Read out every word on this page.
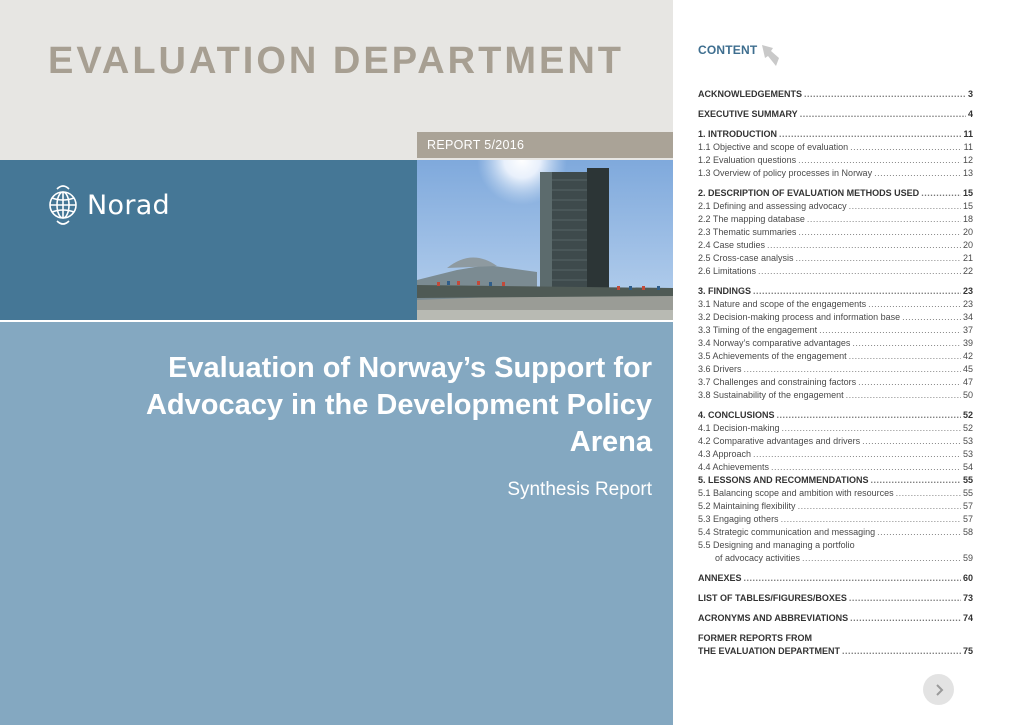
EVALUATION DEPARTMENT
REPORT 5/2016
Norad
Evaluation of Norway’s Support for Advocacy in the Development Policy Arena
Synthesis Report
CONTENT
ACKNOWLEDGEMENTS .....	3
EXECUTIVE SUMMARY .....	4
1. INTRODUCTION .....	11
1.1 Objective and scope of evaluation .....	11
1.2 Evaluation questions .....	12
1.3 Overview of policy processes in Norway .....	13
2. DESCRIPTION OF EVALUATION METHODS USED .....	15
2.1 Defining and assessing advocacy .....	15
2.2 The mapping database .....	18
2.3 Thematic summaries .....	20
2.4 Case studies .....	20
2.5 Cross-case analysis .....	21
2.6 Limitations .....	22
3. FINDINGS .....	23
3.1 Nature and scope of the engagements .....	23
3.2 Decision-making process and information base .....	34
3.3 Timing of the engagement .....	37
3.4 Norway’s comparative advantages .....	39
3.5 Achievements of the engagement .....	42
3.6 Drivers .....	45
3.7 Challenges and constraining factors .....	47
3.8 Sustainability of the engagement .....	50
4. CONCLUSIONS .....	52
4.1 Decision-making .....	52
4.2 Comparative advantages and drivers .....	53
4.3 Approach .....	53
4.4 Achievements .....	54
5. LESSONS AND RECOMMENDATIONS .....	55
5.1 Balancing scope and ambition with resources .....	55
5.2 Maintaining flexibility .....	57
5.3 Engaging others .....	57
5.4 Strategic communication and messaging .....	58
5.5 Designing and managing a portfolio
of advocacy activities .....	59
ANNEXES .....	60
LIST OF TABLES/FIGURES/BOXES .....	73
ACRONYMS AND ABBREVIATIONS .....	74
FORMER REPORTS FROM
THE EVALUATION DEPARTMENT .....	75
